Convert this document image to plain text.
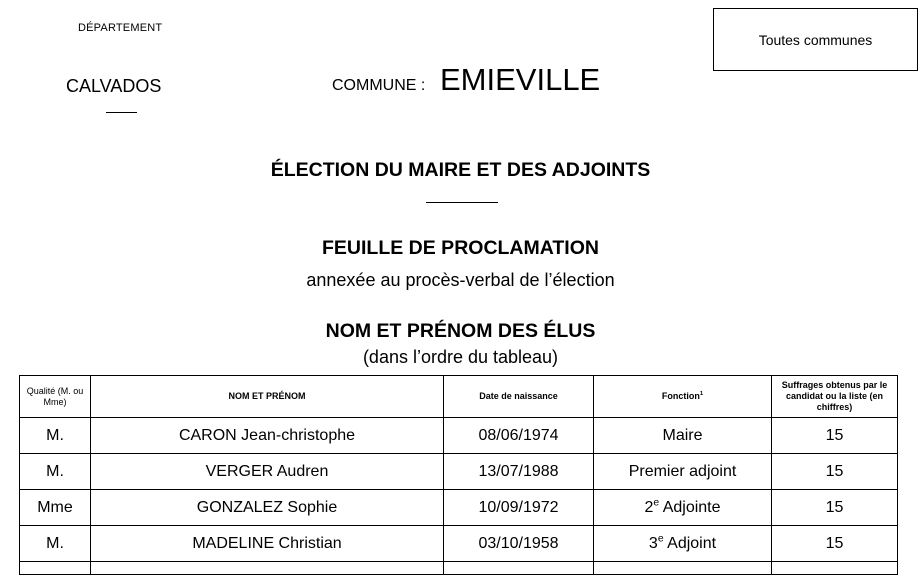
DÉPARTEMENT
CALVADOS	COMMUNE : EMIEVILLE
Toutes communes
ÉLECTION DU MAIRE ET DES ADJOINTS
FEUILLE DE PROCLAMATION
annexée au procès-verbal de l’élection
NOM ET PRÉNOM DES ÉLUS
(dans l’ordre du tableau)
Qualité (M. ou Mme)	NOM ET PRÉNOM	Date de naissance	Fonction$^1$	Suffrages obtenus par le candidat ou la liste (en chiffres)
M.	CARON Jean-christophe	08/06/1974	Maire	15
M.	VERGER Audren	13/07/1988	Premier adjoint	15
Mme	GONZALEZ Sophie	10/09/1972	2e Adjointe	15
M.	MADELINE Christian	03/10/1958	3e Adjoint	15
